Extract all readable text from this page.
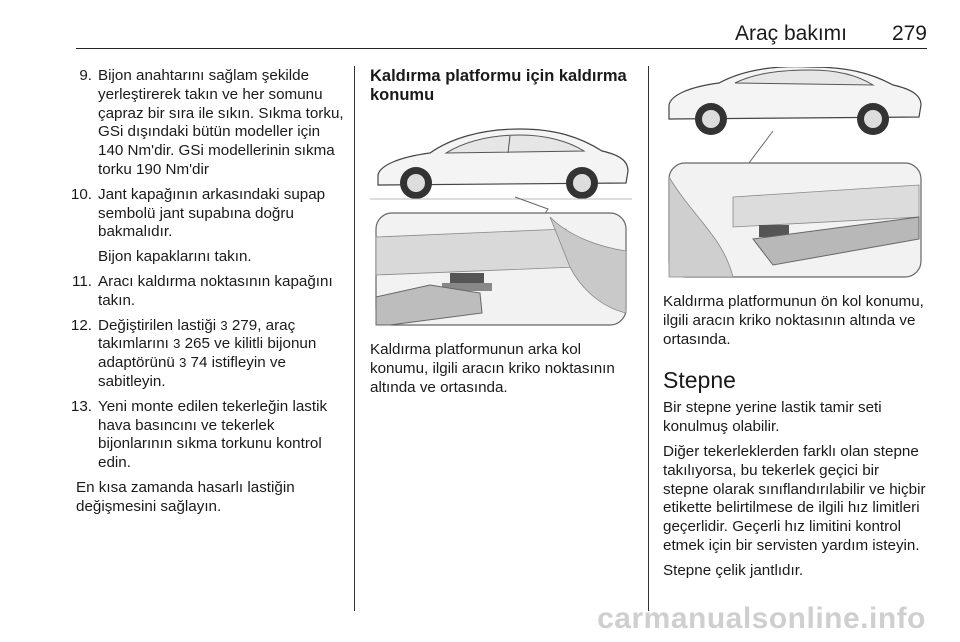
Araç bakımı 279
9. Bijon anahtarını sağlam şekilde yerleştirerek takın ve her somunu çapraz bir sıra ile sıkın. Sıkma torku, GSi dışındaki bütün modeller için 140 Nm'dir. GSi modellerinin sıkma torku 190 Nm'dir
10. Jant kapağının arkasındaki supap sembolü jant supabına doğru bakmalıdır.
Bijon kapaklarını takın.
11. Aracı kaldırma noktasının kapağını takın.
12. Değiştirilen lastiği 3 279, araç takımlarını 3 265 ve kilitli bijonun adaptörünü 3 74 istifleyin ve sabitleyin.
13. Yeni monte edilen tekerleğin lastik hava basıncını ve tekerlek bijonlarının sıkma torkunu kontrol edin.

En kısa zamanda hasarlı lastiğin değişmesini sağlayın.

Kaldırma platformu için kaldırma konumu

Kaldırma platformunun arka kol konumu, ilgili aracın kriko noktasının altında ve ortasında.

Kaldırma platformunun ön kol konumu, ilgili aracın kriko noktasının altında ve ortasında.

Stepne

Bir stepne yerine lastik tamir seti konulmuş olabilir.

Diğer tekerleklerden farklı olan stepne takılıyorsa, bu tekerlek geçici bir stepne olarak sınıflandırılabilir ve hiçbir etikette belirtilmese de ilgili hız limitleri geçerlidir. Geçerli hız limitini kontrol etmek için bir servisten yardım isteyin.

Stepne çelik jantlıdır.

carmanualsonline.info
